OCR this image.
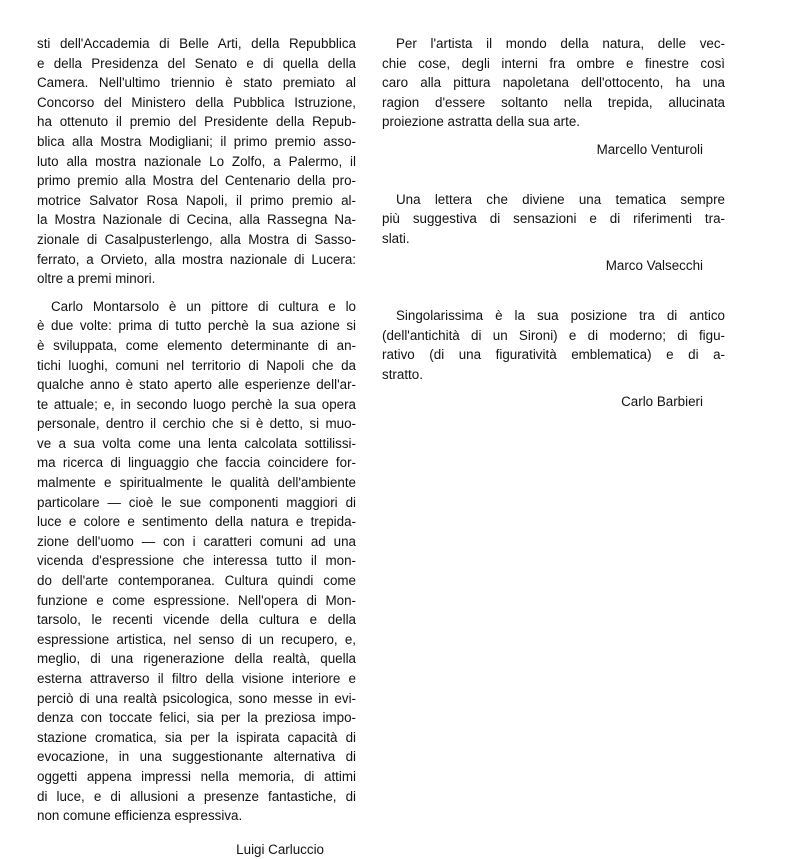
sti dell'Accademia di Belle Arti, della Repubblica
e della Presidenza del Senato e di quella della
Camera. Nell'ultimo triennio è stato premiato al
Concorso del Ministero della Pubblica Istruzione,
ha ottenuto il premio del Presidente della Repub-
blica alla Mostra Modigliani; il primo premio asso-
luto alla mostra nazionale Lo Zolfo, a Palermo, il
primo premio alla Mostra del Centenario della pro-
motrice Salvator Rosa Napoli, il primo premio al-
la Mostra Nazionale di Cecina, alla Rassegna Na-
zionale di Casalpusterlengo, alla Mostra di Sasso-
ferrato, a Orvieto, alla mostra nazionale di Lucera:
oltre a premi minori.
Carlo Montarsolo è un pittore di cultura e lo
è due volte: prima di tutto perchè la sua azione si
è sviluppata, come elemento determinante di an-
tichi luoghi, comuni nel territorio di Napoli che da
qualche anno è stato aperto alle esperienze dell'ar-
te attuale; e, in secondo luogo perchè la sua opera
personale, dentro il cerchio che si è detto, si muo-
ve a sua volta come una lenta calcolata sottilissi-
ma ricerca di linguaggio che faccia coincidere for-
malmente e spiritualmente le qualità dell'ambiente
particolare — cioè le sue componenti maggiori di
luce e colore e sentimento della natura e trepida-
zione dell'uomo — con i caratteri comuni ad una
vicenda d'espressione che interessa tutto il mon-
do dell'arte contemporanea. Cultura quindi come
funzione e come espressione. Nell'opera di Mon-
tarsolo, le recenti vicende della cultura e della
espressione artistica, nel senso di un recupero, e,
meglio, di una rigenerazione della realtà, quella
esterna attraverso il filtro della visione interiore e
perciò di una realtà psicologica, sono messe in evi-
denza con toccate felici, sia per la preziosa impo-
stazione cromatica, sia per la ispirata capacità di
evocazione, in una suggestionante alternativa di
oggetti appena impressi nella memoria, di attimi
di luce, e di allusioni a presenze fantastiche, di
non comune efficienza espressiva.
Luigi Carluccio
Per l'artista il mondo della natura, delle vec-
chie cose, degli interni fra ombre e finestre così
caro alla pittura napoletana dell'ottocento, ha una
ragion d'essere soltanto nella trepida, allucinata
proiezione astratta della sua arte.
Marcello Venturoli
Una lettera che diviene una tematica sempre
più suggestiva di sensazioni e di riferimenti tra-
slati.
Marco Valsecchi
Singolarissima è la sua posizione tra di antico
(dell'antichità di un Sironi) e di moderno; di figu-
rativo (di una figuratività emblematica) e di a-
stratto.
Carlo Barbieri
